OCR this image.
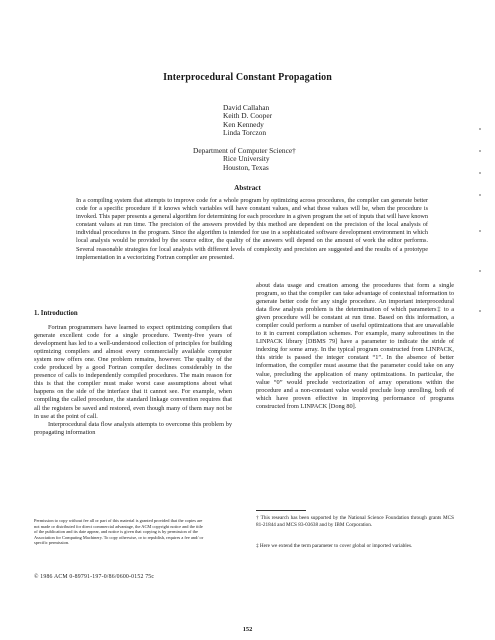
Interprocedural Constant Propagation
David Callahan
Keith D. Cooper
Ken Kennedy
Linda Torczon
Department of Computer Science†
Rice University
Houston, Texas
Abstract
In a compiling system that attempts to improve code for a whole program by optimizing across procedures, the compiler can generate better code for a specific procedure if it knows which variables will have constant values, and what those values will be, when the procedure is invoked. This paper presents a general algorithm for determining for each procedure in a given program the set of inputs that will have known constant values at run time. The precision of the answers provided by this method are dependent on the precision of the local analysis of individual procedures in the program. Since the algorithm is intended for use in a sophisticated software development environment in which local analysis would be provided by the source editor, the quality of the answers will depend on the amount of work the editor performs. Several reasonable strategies for local analysis with different levels of complexity and precision are suggested and the results of a prototype implementation in a vectorizing Fortran compiler are presented.
1. Introduction

Fortran programmers have learned to expect optimizing compilers that generate excellent code for a single procedure. Twenty-five years of development has led to a well-understood collection of principles for building optimizing compilers and almost every commercially available computer system now offers one. One problem remains, however. The quality of the code produced by a good Fortran compiler declines considerably in the presence of calls to independently compiled procedures. The main reason for this is that the compiler must make worst case assumptions about what happens on the side of the interface that it cannot see. For example, when compiling the called procedure, the standard linkage convention requires that all the registers be saved and restored, even though many of them may not be in use at the point of call.

Interprocedural data flow analysis attempts to overcome this problem by propagating information

about data usage and creation among the procedures that form a single program, so that the compiler can take advantage of contextual information to generate better code for any single procedure. An important interprocedural data flow analysis problem is the determination of which parameters‡ to a given procedure will be constant at run time. Based on this information, a compiler could perform a number of useful optimizations that are unavailable to it in current compilation schemes. For example, many subroutines in the LINPACK library [DBMS 79] have a parameter to indicate the stride of indexing for some array. In the typical program constructed from LINPACK, this stride is passed the integer constant “1”. In the absence of better information, the compiler must assume that the parameter could take on any value, precluding the application of many optimizations. In particular, the value “0” would preclude vectorization of array operations within the procedure and a non-constant value would preclude loop unrolling, both of which have proven effective in improving performance of programs constructed from LINPACK [Dong 80].

Permission to copy without fee all or part of this material is granted provided that the copies are not made or distributed for direct commercial advantage, the ACM copyright notice and the title of the publication and its date appear, and notice is given that copying is by permission of the Association for Computing Machinery. To copy otherwise, or to republish, requires a fee and/ or specific permission.
© 1986 ACM 0-89791-197-0/86/0600-0152 75c
† This research has been supported by the National Science Foundation through grants MCS 81-21844 and MCS 83-03638 and by IBM Corporation.
‡ Here we extend the term parameter to cover global or imported variables.
152
